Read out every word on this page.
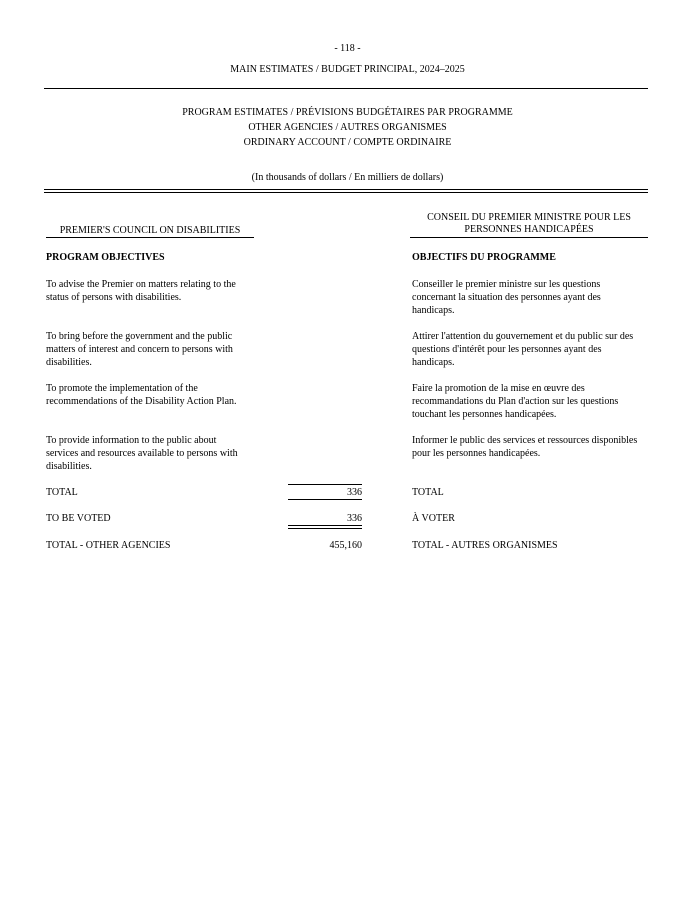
- 118 -
MAIN ESTIMATES / BUDGET PRINCIPAL, 2024–2025
PROGRAM ESTIMATES / PRÉVISIONS BUDGÉTAIRES PAR PROGRAMME
OTHER AGENCIES / AUTRES ORGANISMES
ORDINARY ACCOUNT / COMPTE ORDINAIRE
(In thousands of dollars / En milliers de dollars)
PREMIER'S COUNCIL ON DISABILITIES
CONSEIL DU PREMIER MINISTRE POUR LES
PERSONNES HANDICAPÉES
PROGRAM OBJECTIVES	OBJECTIFS DU PROGRAMME
To advise the Premier on matters relating to the
status of persons with disabilities.
Conseiller le premier ministre sur les questions
concernant la situation des personnes ayant des
handicaps.
To bring before the government and the public
matters of interest and concern to persons with
disabilities.
Attirer l'attention du gouvernement et du public sur des
questions d'intérêt pour les personnes ayant des
handicaps.
To promote the implementation of the
recommendations of the Disability Action Plan.
Faire la promotion de la mise en œuvre des
recommandations du Plan d'action sur les questions
touchant les personnes handicapées.
To provide information to the public about
services and resources available to persons with
disabilities.
Informer le public des services et ressources disponibles
pour les personnes handicapées.
TOTAL	336	TOTAL
TO BE VOTED	336	À VOTER
TOTAL - OTHER AGENCIES	455,160	TOTAL - AUTRES ORGANISMES
